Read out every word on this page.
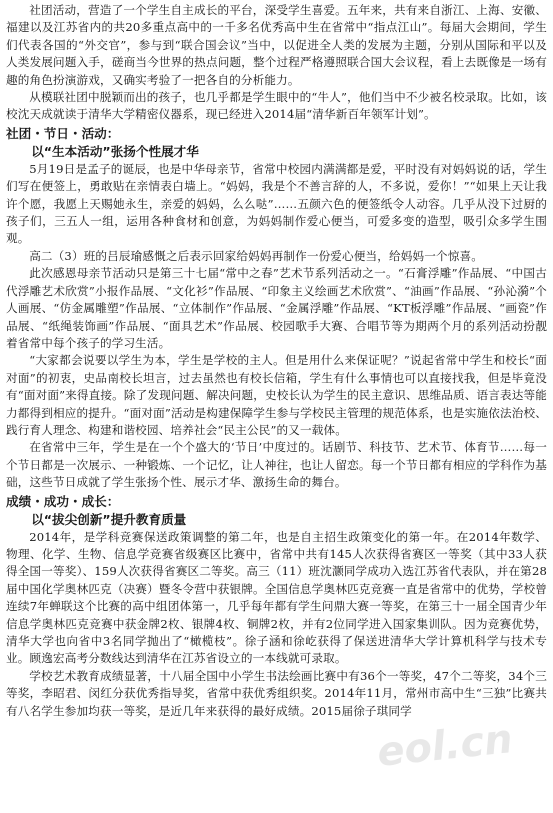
社团活动，营造了一个学生自主成长的平台，深受学生喜爱。五年来，共有来自浙江、上海、安徽、福建以及江苏省内的共20多重点高中的一千多名优秀高中生在省常中“指点江山”。每届大会期间，学生们代表各国的“外交官”，参与到“联合国会议”当中，以促进全人类的发展为主题，分别从国际和平以及人类发展问题入手，磋商当今世界的热点问题，整个过程严格遵照联合国大会议程，看上去既像是一场有趣的角色扮演游戏，又确实考验了一把各自的分析能力。

从模联社团中脱颖而出的孩子，也几乎都是学生眼中的“牛人”，他们当中不少被名校录取。比如，该校沈天成就读于清华大学精密仪器系，现已经进入2014届“清华新百年领军计划”。

社团・节日・活动：
以“生本活动”张扬个性展才华

5月19日是孟子的诞辰，也是中华母亲节，省常中校园内满满都是爱，平时没有对妈妈说的话，学生们写在便签上，勇敢贴在亲情表白墙上。“妈妈，我是个不善言辞的人，不多说，爱你！”“如果上天让我许个愿，我愿上天赐她永生，亲爱的妈妈，么么哒”……五颜六色的便签纸令人动容。几乎从没下过厨的孩子们，三五人一组，运用各种食材和创意，为妈妈制作爱心便当，可爱多变的造型，吸引众多学生围观。

高二（3）班的吕辰瑜感慨之后表示回家给妈妈再制作一份爱心便当，给妈妈一个惊喜。

此次感恩母亲节活动只是第三十七届“常中之春”艺术节系列活动之一。“石膏浮雕”作品展、“中国古代浮雕艺术欣赏”小报作品展、“文化衫”作品展、“印象主义绘画艺术欣赏”、“油画”作品展、“孙沁漪”个人画展、“仿金属雕塑”作品展、“立体制作”作品展、“金属浮雕”作品展、“KT板浮雕”作品展、“画瓷”作品展、“纸绳装饰画”作品展、“面具艺术”作品展、校园歌手大赛、合唱节等为期两个月的系列活动扮靓着省常中每个孩子的学习生活。

“大家都会说要以学生为本，学生是学校的主人。但是用什么来保证呢？”说起省常中学生和校长“面对面”的初衷，史品南校长坦言，过去虽然也有校长信箱，学生有什么事情也可以直接找我，但是毕竟没有“面对面”来得直接。除了发现问题、解决问题，史校长认为学生的民主意识、思维品质、语言表达等能力都得到相应的提升。“面对面”活动是构建保障学生参与学校民主管理的规范体系，也是实施依法治校、践行育人理念、构建和谐校园、培养社会“民主公民”的又一载体。

在省常中三年，学生是在一个个盛大的‘节日’中度过的。话剧节、科技节、艺术节、体育节……每一个节日都是一次展示、一种锻炼、一个记忆，让人神往，也让人留恋。每一个节日都有相应的学科作为基础，这些节日成就了学生张扬个性、展示才华、激扬生命的舞台。

成绩・成功・成长：
以“拔尖创新”提升教育质量

2014年，是学科竞赛保送政策调整的第二年，也是自主招生政策变化的第一年。在2014年数学、物理、化学、生物、信息学竞赛省级赛区比赛中，省常中共有145人次获得省赛区一等奖（其中33人获得全国一等奖）、159人次获得省赛区二等奖。高三（11）班沈灏同学成功入选江苏省代表队，并在第28届中国化学奥林匹克（决赛）暨冬令营中获银牌。全国信息学奥林匹克竞赛一直是省常中的优势，学校曾连续7年蝉联这个比赛的高中组团体第一，几乎每年都有学生问鼎大赛一等奖，在第三十一届全国青少年信息学奥林匹克竞赛中获金牌2枚、银牌4枚、铜牌2枚，并有2位同学进入国家集训队。因为竞赛优势，清华大学也向省中3名同学抛出了“橄榄枝”。徐子涵和徐屹获得了保送进清华大学计算机科学与技术专业。顾逸宏高考分数线达到清华在江苏省设立的一本线就可录取。

学校艺术教育成绩显著，十八届全国中小学生书法绘画比赛中有36个一等奖，47个二等奖，34个三等奖，李昭君、闵红分获优秀指导奖，省常中获优秀组织奖。2014年11月，常州市高中生“三独”比赛共有八名学生参加均获一等奖，是近几年来获得的最好成绩。2015届徐子琪同学

eol.cn
